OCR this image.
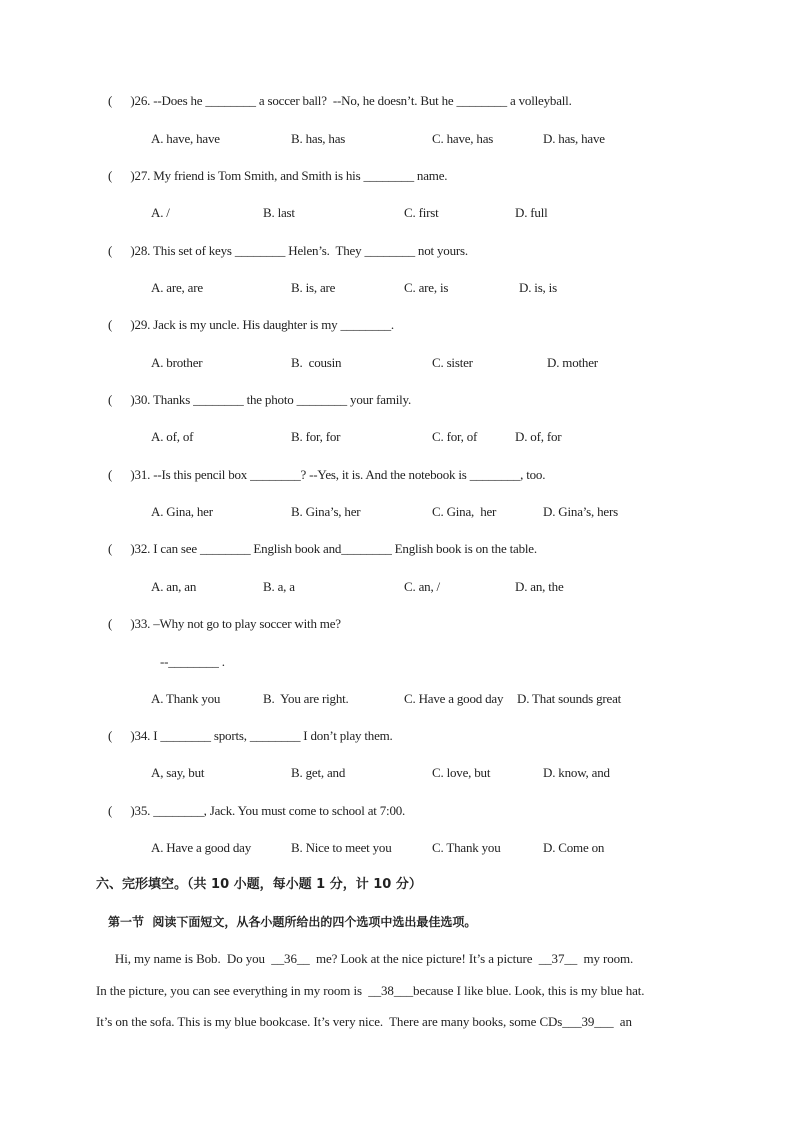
(      )26. --Does he ________ a soccer ball?  --No, he doesn’t. But he ________ a volleyball.
A. have, have	B. has, has	C. have, has	D. has, have
(      )27. My friend is Tom Smith, and Smith is his ________ name.
A. /	B. last	C. first	D. full
(      )28. This set of keys ________ Helen’s.  They ________ not yours.
A. are, are	B. is, are	C. are, is	D. is, is
(      )29. Jack is my uncle. His daughter is my ________.
A. brother	B.  cousin	C. sister	D. mother
(      )30. Thanks ________ the photo ________ your family.
A. of, of	B. for, for	C. for, of	D. of, for
(      )31. --Is this pencil box ________? --Yes, it is. And the notebook is ________, too.
A. Gina, her	B. Gina’s, her	C. Gina,  her	D. Gina’s, hers
(      )32. I can see ________ English book and________ English book is on the table.
A. an, an	B. a, a	C. an, /	D. an, the
(      )33. –Why not go to play soccer with me?
--________ .
A. Thank you	B.  You are right.	C. Have a good day D. That sounds great
(      )34. I ________ sports, ________ I don’t play them.
A, say, but	B. get, and	C. love, but	D. know, and
(      )35. ________, Jack. You must come to school at 7:00.
A. Have a good day	B. Nice to meet you	C. Thank you	D. Come on
六、完形填空。（共 10 小题，每小题 1 分，计 10 分）
第一节  阅读下面短文，从各小题所给出的四个选项中选出最佳选项。
Hi, my name is Bob.  Do you  __36__  me? Look at the nice picture! It’s a picture  __37__  my room.
In the picture, you can see everything in my room is  __38___because I like blue. Look, this is my blue hat.
It’s on the sofa. This is my blue bookcase. It’s very nice.  There are many books, some CDs___39___  an
